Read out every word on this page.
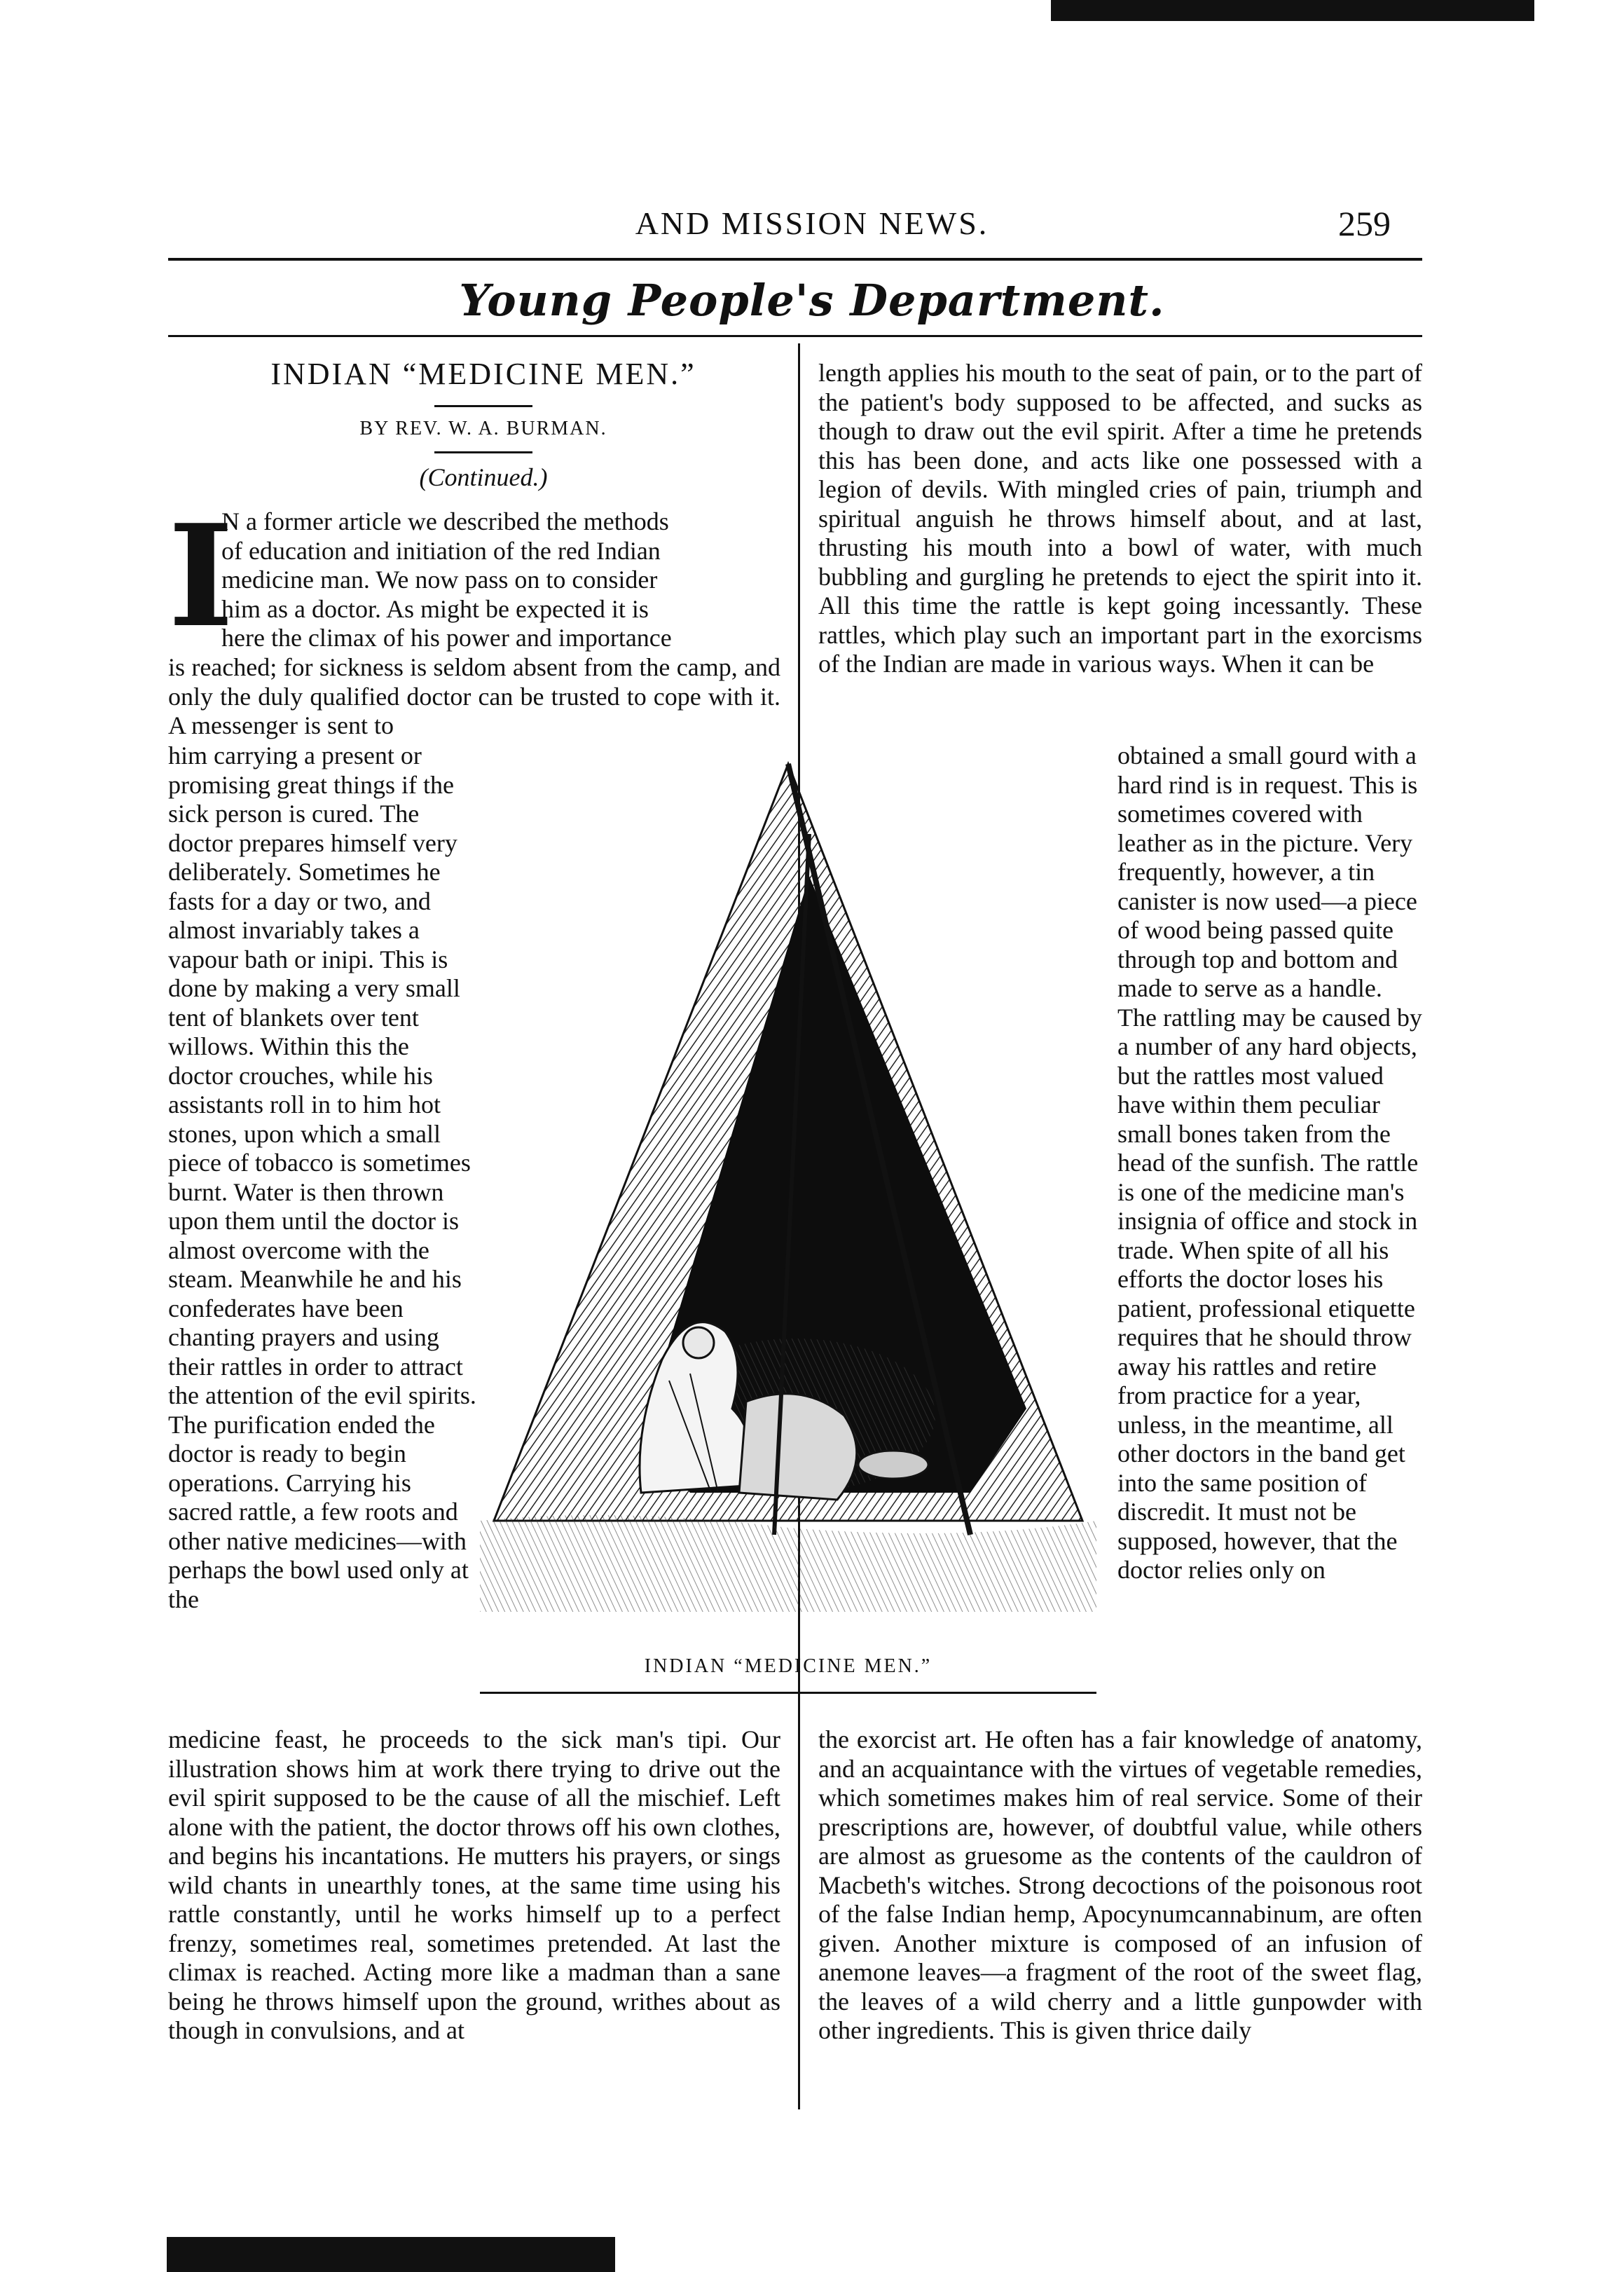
AND MISSION NEWS.	259
Young People's Department.
INDIAN “MEDICINE MEN.”
BY REV. W. A. BURMAN.
(Continued.)
I

N a former article we described the methods

of education and initiation of the red Indian

medicine man. We now pass on to consider

him as a doctor. As might be expected it is

here the climax of his power and importance

is reached; for sickness is seldom absent from the camp, and only the duly qualified doctor can be trusted to cope with it. A messenger is sent to
him carrying a present or promising great things if the sick person is cured. The doctor prepares himself very deliberately. Sometimes he fasts for a day or two, and almost invariably takes a vapour bath or inipi. This is done by making a very small tent of blankets over tent willows. Within this the doctor crouches, while his assistants roll in to him hot stones, upon which a small piece of tobacco is sometimes burnt. Water is then thrown upon them until the doctor is almost overcome with the steam. Meanwhile he and his confederates have been chanting prayers and using their rattles in order to attract the attention of the evil spirits. The purification ended the doctor is ready to begin operations. Carrying his sacred rattle, a few roots and other native medicines—with perhaps the bowl used only at the
medicine feast, he proceeds to the sick man's tipi. Our illustration shows him at work there trying to drive out the evil spirit supposed to be the cause of all the mischief. Left alone with the patient, the doctor throws off his own clothes, and begins his incantations. He mutters his prayers, or sings wild chants in unearthly tones, at the same time using his rattle constantly, until he works himself up to a perfect frenzy, sometimes real, sometimes pretended. At last the climax is reached. Acting more like a madman than a sane being he throws himself upon the ground, writhes about as though in convulsions, and at
length applies his mouth to the seat of pain, or to the part of the patient's body supposed to be affected, and sucks as though to draw out the evil spirit. After a time he pretends this has been done, and acts like one possessed with a legion of devils. With mingled cries of pain, triumph and spiritual anguish he throws himself about, and at last, thrusting his mouth into a bowl of water, with much bubbling and gurgling he pretends to eject the spirit into it. All this time the rattle is kept going incessantly. These rattles, which play such an important part in the exorcisms of the Indian are made in various ways. When it can be
obtained a small gourd with a hard rind is in request. This is sometimes covered with leather as in the picture. Very frequently, however, a tin canister is now used—a piece of wood being passed quite through top and bottom and made to serve as a handle. The rattling may be caused by a number of any hard objects, but the rattles most valued have within them peculiar small bones taken from the head of the sunfish. The rattle is one of the medicine man's insignia of office and stock in trade. When spite of all his efforts the doctor loses his patient, professional etiquette requires that he should throw away his rattles and retire from practice for a year, unless, in the meantime, all other doctors in the band get into the same position of discredit. It must not be supposed, however, that the doctor relies only on
the exorcist art. He often has a fair knowledge of anatomy, and an acquaintance with the virtues of vegetable remedies, which sometimes makes him of real service. Some of their prescriptions are, however, of doubtful value, while others are almost as gruesome as the contents of the cauldron of Macbeth's witches. Strong decoctions of the poisonous root of the false Indian hemp, Apocynumcannabinum, are often given. Another mixture is composed of an infusion of anemone leaves—a fragment of the root of the sweet flag, the leaves of a wild cherry and a little gunpowder with other ingredients. This is given thrice daily
INDIAN “MEDICINE MEN.”
